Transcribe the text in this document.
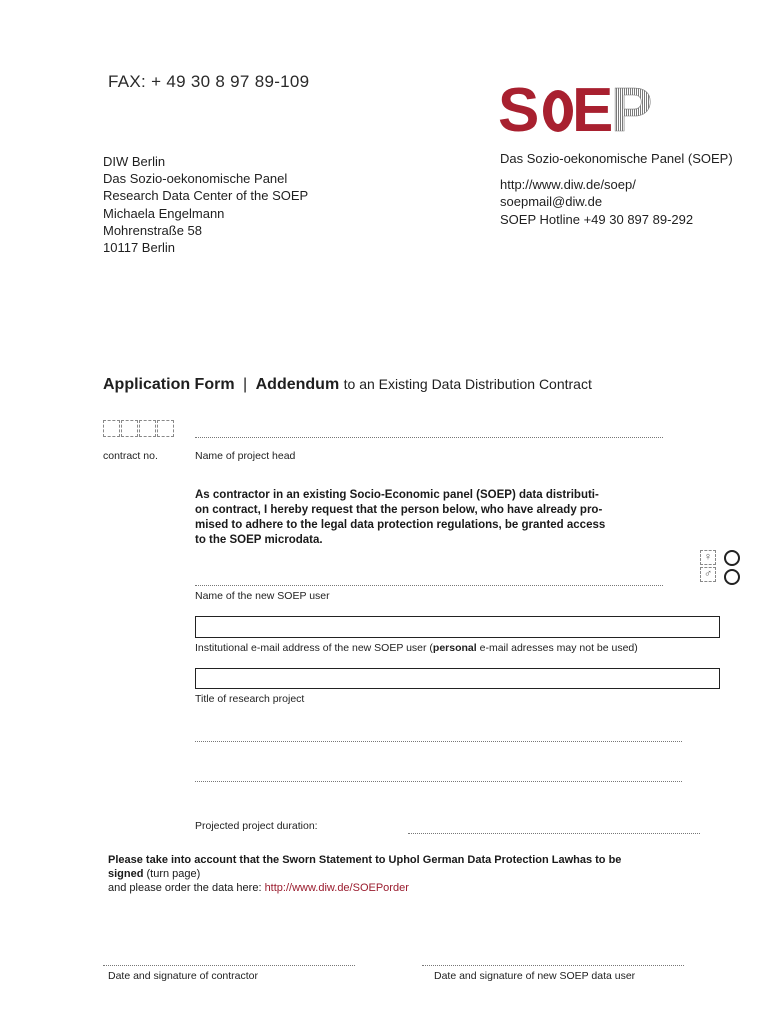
FAX: + 49 30 8 97 89-109
DIW Berlin
Das Sozio-oekonomische Panel
Research Data Center of the SOEP
Michaela Engelmann
Mohrenstraße 58
10117 Berlin
S E
P
Das Sozio-oekonomische Panel (SOEP)
http://www.diw.de/soep/
soepmail@diw.de
SOEP Hotline +49 30 897 89-292
Application Form | Addendum to an Existing Data Distribution Contract
contract no.	Name of project head
As contractor in an existing Socio-Economic panel (SOEP) data distributi-
on contract, I hereby request that the person below, who have already pro-
mised to adhere to the legal data protection regulations, be granted access
to the SOEP microdata.
♀
♂
Name of the new SOEP user
Institutional e-mail address of the new SOEP user (personal e-mail adresses may not be used)
Title of research project
Projected project duration:
Please take into account that the Sworn Statement to Uphol German Data Protection Lawhas to be
signed (turn page)
and please order the data here: http://www.diw.de/SOEPorder
Date and signature of contractor	Date and signature of new SOEP data user
